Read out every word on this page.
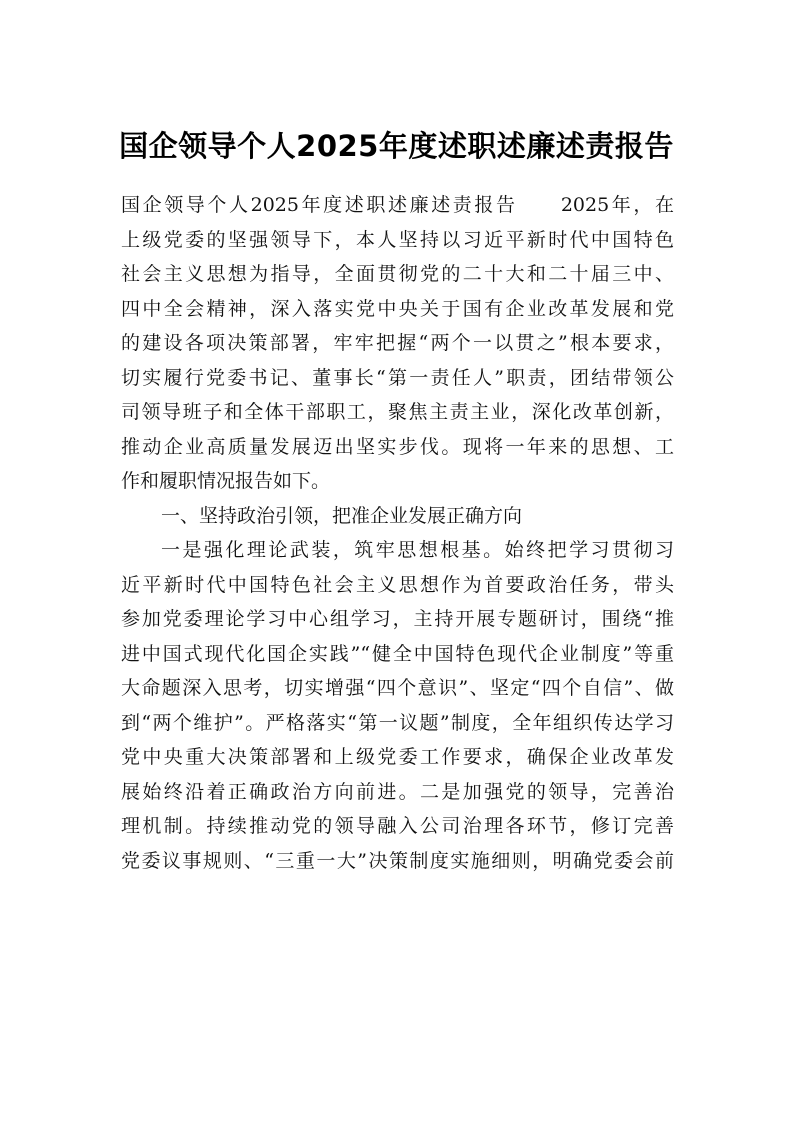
国企领导个人2025年度述职述廉述责报告
国企领导个人2025年度述职述廉述责报告　　2025年，在
上级党委的坚强领导下，本人坚持以习近平新时代中国特色
社会主义思想为指导，全面贯彻党的二十大和二十届三中、
四中全会精神，深入落实党中央关于国有企业改革发展和党
的建设各项决策部署，牢牢把握“两个一以贯之”根本要求，
切实履行党委书记、董事长“第一责任人”职责，团结带领公
司领导班子和全体干部职工，聚焦主责主业，深化改革创新，
推动企业高质量发展迈出坚实步伐。现将一年来的思想、工
作和履职情况报告如下。
一、坚持政治引领，把准企业发展正确方向
一是强化理论武装，筑牢思想根基。始终把学习贯彻习
近平新时代中国特色社会主义思想作为首要政治任务，带头
参加党委理论学习中心组学习，主持开展专题研讨，围绕“推
进中国式现代化国企实践”“健全中国特色现代企业制度”等重
大命题深入思考，切实增强“四个意识”、坚定“四个自信”、做
到“两个维护”。严格落实“第一议题”制度，全年组织传达学习
党中央重大决策部署和上级党委工作要求，确保企业改革发
展始终沿着正确政治方向前进。二是加强党的领导，完善治
理机制。持续推动党的领导融入公司治理各环节，修订完善
党委议事规则、“三重一大”决策制度实施细则，明确党委会前
